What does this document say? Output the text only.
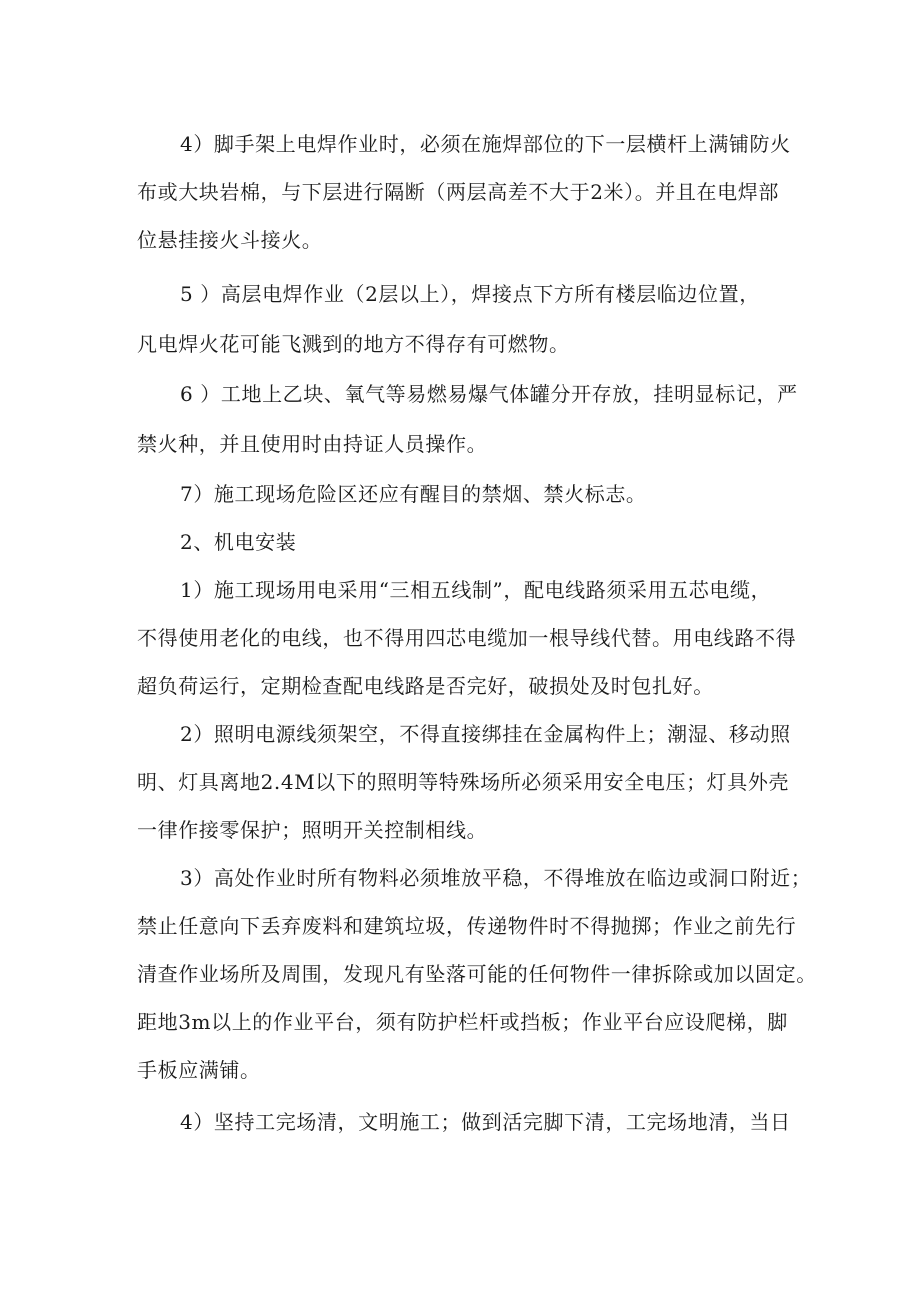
4）脚手架上电焊作业时，必须在施焊部位的下一层横杆上满铺防火
布或大块岩棉，与下层进行隔断（两层高差不大于2米）。并且在电焊部
位悬挂接火斗接火。
5 ）高层电焊作业（2层以上），焊接点下方所有楼层临边位置，
凡电焊火花可能飞溅到的地方不得存有可燃物。
6 ）工地上乙块、氧气等易燃易爆气体罐分开存放，挂明显标记，严
禁火种，并且使用时由持证人员操作。
7）施工现场危险区还应有醒目的禁烟、禁火标志。
2、机电安装
1）施工现场用电采用“三相五线制”，配电线路须采用五芯电缆，
不得使用老化的电线，也不得用四芯电缆加一根导线代替。用电线路不得
超负荷运行，定期检查配电线路是否完好，破损处及时包扎好。
2）照明电源线须架空，不得直接绑挂在金属构件上；潮湿、移动照
明、灯具离地2.4M以下的照明等特殊场所必须采用安全电压；灯具外壳
一律作接零保护；照明开关控制相线。
3）高处作业时所有物料必须堆放平稳，不得堆放在临边或洞口附近；
禁止任意向下丢弃废料和建筑垃圾，传递物件时不得抛掷；作业之前先行
清查作业场所及周围，发现凡有坠落可能的任何物件一律拆除或加以固定。
距地3m以上的作业平台，须有防护栏杆或挡板；作业平台应设爬梯，脚
手板应满铺。
4）坚持工完场清，文明施工；做到活完脚下清，工完场地清，当日
